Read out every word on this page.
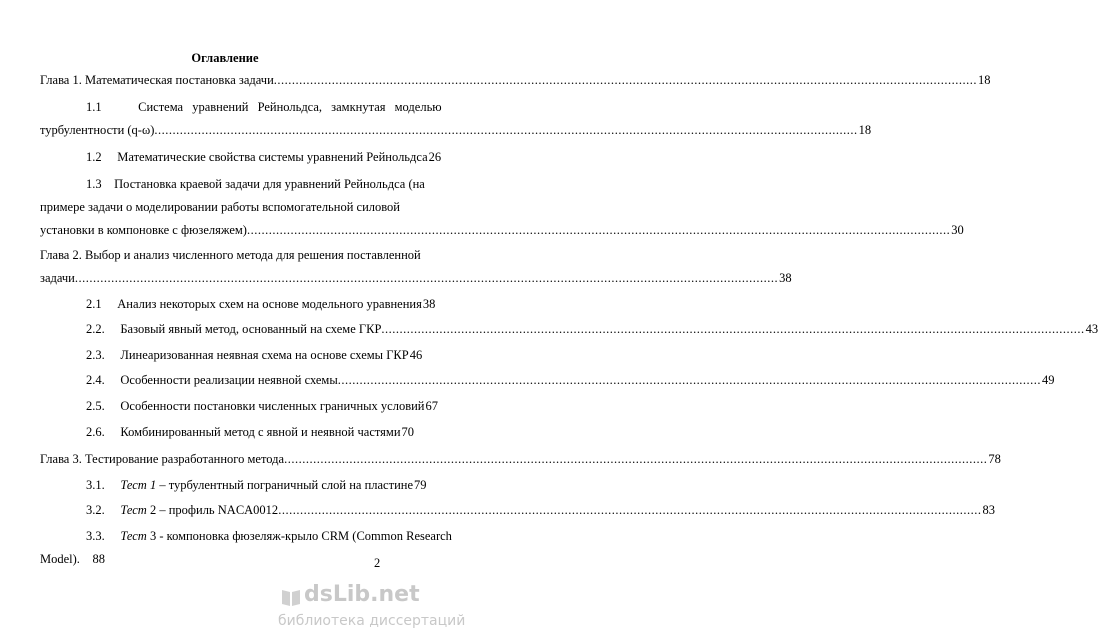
Оглавление
Глава 1. Математическая постановка задачи .....	18
1.1	Система уравнений Рейнольдса, замкнутая моделью
турбулентности (q-ω) .....	18
1.2
Математические свойства системы уравнений Рейнольдса 26
1.3 Постановка краевой задачи для уравнений Рейнольдса (на
примере задачи о моделировании работы вспомогательной силовой
установки в компоновке с фюзеляжем) .....	30
Глава 2. Выбор и анализ численного метода для решения поставленной
задачи .....	38
2.1
Анализ некоторых схем на основе модельного уравнения 38
2.2.
Базовый явный метод, основанный на схеме ГКР .....	43
2.3.
Линеаризованная неявная схема на основе схемы ГКР 46
2.4.
Особенности реализации неявной схемы .....	49
2.5.
Особенности постановки численных граничных условий 67
2.6.
Комбинированный метод с явной и неявной частями 70
Глава 3. Тестирование разработанного метода .....	78
3.1.
Тест 1 – турбулентный пограничный слой на пластине 79
3.2.
Тест 2 – профиль NACA0012 .....	83
3.3.
Тест 3 - компоновка фюзеляж-крыло CRM (Common Research
Model).
88	2
dsLib.net
библиотека диссертаций
